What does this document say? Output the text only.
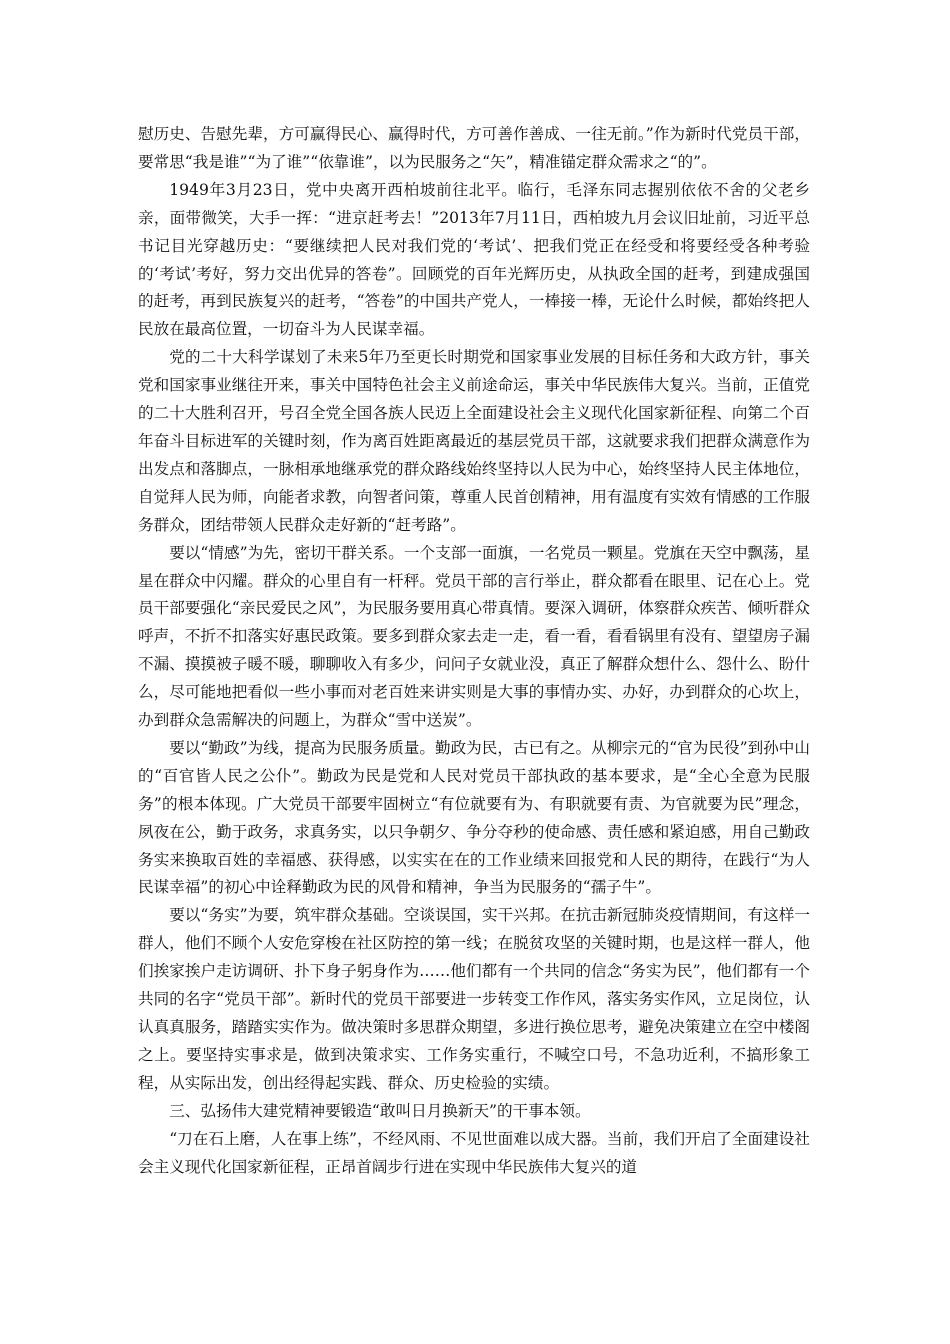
慰历史、告慰先辈，方可赢得民心、赢得时代，方可善作善成、一往无前。”作为新时代党员干部，要常思“我是谁”“为了谁”“依靠谁”，以为民服务之“矢”，精准锚定群众需求之“的”。

1949年3月23日，党中央离开西柏坡前往北平。临行，毛泽东同志握别依依不舍的父老乡亲，面带微笑，大手一挥：“进京赶考去！”2013年7月11日，西柏坡九月会议旧址前，习近平总书记目光穿越历史：“要继续把人民对我们党的‘考试’、把我们党正在经受和将要经受各种考验的‘考试’考好，努力交出优异的答卷”。回顾党的百年光辉历史，从执政全国的赶考，到建成强国的赶考，再到民族复兴的赶考，“答卷”的中国共产党人，一棒接一棒，无论什么时候，都始终把人民放在最高位置，一切奋斗为人民谋幸福。

党的二十大科学谋划了未来5年乃至更长时期党和国家事业发展的目标任务和大政方针，事关党和国家事业继往开来，事关中国特色社会主义前途命运，事关中华民族伟大复兴。当前，正值党的二十大胜利召开，号召全党全国各族人民迈上全面建设社会主义现代化国家新征程、向第二个百年奋斗目标进军的关键时刻，作为离百姓距离最近的基层党员干部，这就要求我们把群众满意作为出发点和落脚点，一脉相承地继承党的群众路线始终坚持以人民为中心，始终坚持人民主体地位，自觉拜人民为师，向能者求教，向智者问策，尊重人民首创精神，用有温度有实效有情感的工作服务群众，团结带领人民群众走好新的“赶考路”。

要以“情感”为先，密切干群关系。一个支部一面旗，一名党员一颗星。党旗在天空中飘荡，星星在群众中闪耀。群众的心里自有一杆秤。党员干部的言行举止，群众都看在眼里、记在心上。党员干部要强化“亲民爱民之风”，为民服务要用真心带真情。要深入调研，体察群众疾苦、倾听群众呼声，不折不扣落实好惠民政策。要多到群众家去走一走，看一看，看看锅里有没有、望望房子漏不漏、摸摸被子暖不暖，聊聊收入有多少，问问子女就业没，真正了解群众想什么、怨什么、盼什么，尽可能地把看似一些小事而对老百姓来讲实则是大事的事情办实、办好，办到群众的心坎上，办到群众急需解决的问题上，为群众“雪中送炭”。

要以“勤政”为线，提高为民服务质量。勤政为民，古已有之。从柳宗元的“官为民役”到孙中山的“百官皆人民之公仆”。勤政为民是党和人民对党员干部执政的基本要求，是“全心全意为民服务”的根本体现。广大党员干部要牢固树立“有位就要有为、有职就要有责、为官就要为民”理念，夙夜在公，勤于政务，求真务实，以只争朝夕、争分夺秒的使命感、责任感和紧迫感，用自己勤政务实来换取百姓的幸福感、获得感，以实实在在的工作业绩来回报党和人民的期待，在践行“为人民谋幸福”的初心中诠释勤政为民的风骨和精神，争当为民服务的“孺子牛”。

要以“务实”为要，筑牢群众基础。空谈误国，实干兴邦。在抗击新冠肺炎疫情期间，有这样一群人，他们不顾个人安危穿梭在社区防控的第一线；在脱贫攻坚的关键时期，也是这样一群人，他们挨家挨户走访调研、扑下身子躬身作为……他们都有一个共同的信念“务实为民”，他们都有一个共同的名字“党员干部”。新时代的党员干部要进一步转变工作作风，落实务实作风，立足岗位，认认真真服务，踏踏实实作为。做决策时多思群众期望，多进行换位思考，避免决策建立在空中楼阁之上。要坚持实事求是，做到决策求实、工作务实重行，不喊空口号，不急功近利，不搞形象工程，从实际出发，创出经得起实践、群众、历史检验的实绩。

三、弘扬伟大建党精神要锻造“敢叫日月换新天”的干事本领。

“刀在石上磨，人在事上练”，不经风雨、不见世面难以成大器。当前，我们开启了全面建设社会主义现代化国家新征程，正昂首阔步行进在实现中华民族伟大复兴的道
